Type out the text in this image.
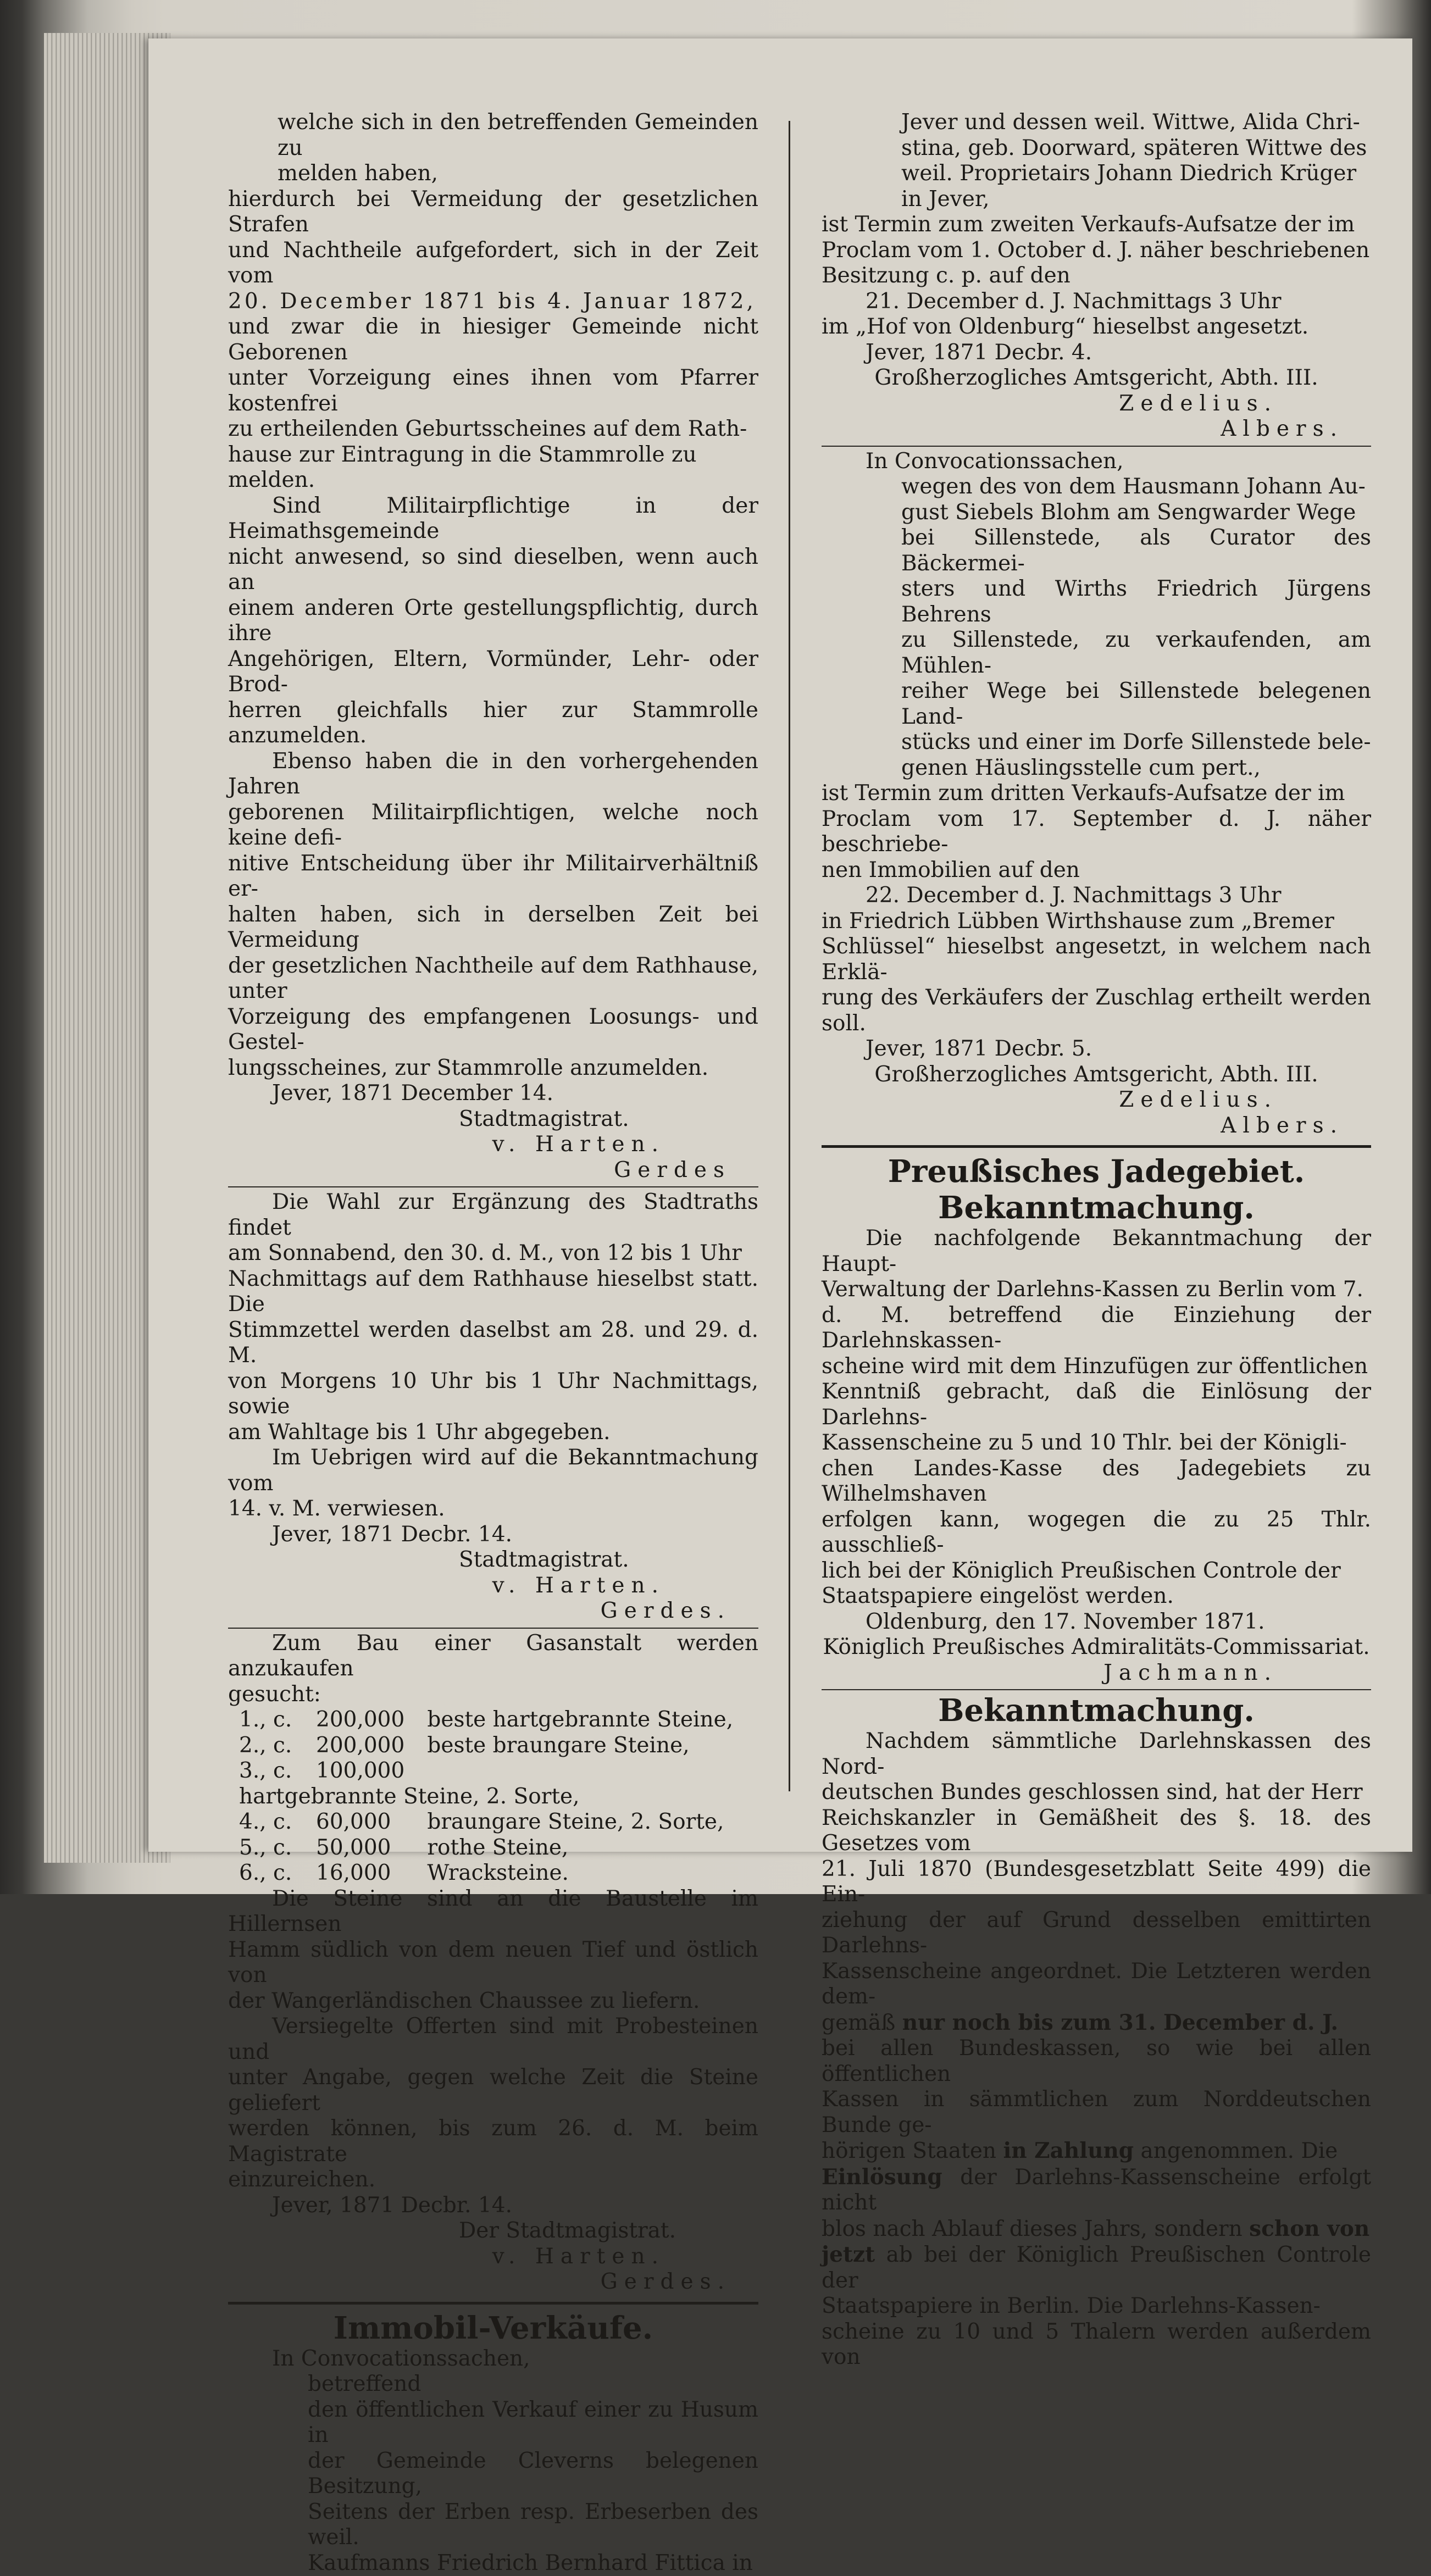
welche sich in den betreffenden Gemeinden zu
melden haben,
hierdurch bei Vermeidung der gesetzlichen Strafen
und Nachtheile aufgefordert, sich in der Zeit vom
20. December 1871 bis 4. Januar 1872,
und zwar die in hiesiger Gemeinde nicht Geborenen
unter Vorzeigung eines ihnen vom Pfarrer kostenfrei
zu ertheilenden Geburtsscheines auf dem Rath-
hause zur Eintragung in die Stammrolle zu
melden.

Sind Militairpflichtige in der Heimathsgemeinde
nicht anwesend, so sind dieselben, wenn auch an
einem anderen Orte gestellungspflichtig, durch ihre
Angehörigen, Eltern, Vormünder, Lehr- oder Brod-
herren gleichfalls hier zur Stammrolle anzumelden.

Ebenso haben die in den vorhergehenden Jahren
geborenen Militairpflichtigen, welche noch keine defi-
nitive Entscheidung über ihr Militairverhältniß er-
halten haben, sich in derselben Zeit bei Vermeidung
der gesetzlichen Nachtheile auf dem Rathhause, unter
Vorzeigung des empfangenen Loosungs- und Gestel-
lungsscheines, zur Stammrolle anzumelden.

Jever, 1871 December 14.

Stadtmagistrat.

v. Harten.

Gerdes

Die Wahl zur Ergänzung des Stadtraths findet
am Sonnabend, den 30. d. M., von 12 bis 1 Uhr
Nachmittags auf dem Rathhause hieselbst statt. Die
Stimmzettel werden daselbst am 28. und 29. d. M.
von Morgens 10 Uhr bis 1 Uhr Nachmittags, sowie
am Wahltage bis 1 Uhr abgegeben.
Im Uebrigen wird auf die Bekanntmachung vom
14. v. M. verwiesen.

Jever, 1871 Decbr. 14.

Stadtmagistrat.

v. Harten.

Gerdes.

Zum Bau einer Gasanstalt werden anzukaufen
gesucht:

1., c. 200,000 beste hartgebrannte Steine,
2., c. 200,000 beste braungare Steine,
3., c. 100,000 hartgebrannte Steine, 2. Sorte,
4., c. 60,000 braungare Steine, 2. Sorte,
5., c. 50,000 rothe Steine,
6., c. 16,000 Wracksteine.

Die Steine sind an die Baustelle im Hillernsen
Hamm südlich von dem neuen Tief und östlich von
der Wangerländischen Chaussee zu liefern.
Versiegelte Offerten sind mit Probesteinen und
unter Angabe, gegen welche Zeit die Steine geliefert
werden können, bis zum 26. d. M. beim Magistrate
einzureichen.

Jever, 1871 Decbr. 14.

Der Stadtmagistrat.

v. Harten.

Gerdes.

Immobil-Verkäufe.

In Convocationssachen,
betreffend
den öffentlichen Verkauf einer zu Husum in
der Gemeinde Cleverns belegenen Besitzung,
Seitens der Erben resp. Erbeserben des weil.
Kaufmanns Friedrich Bernhard Fittica in

Jever und dessen weil. Wittwe, Alida Chri-
stina, geb. Doorward, späteren Wittwe des
weil. Proprietairs Johann Diedrich Krüger
in Jever,

ist Termin zum zweiten Verkaufs-Aufsatze der im
Proclam vom 1. October d. J. näher beschriebenen
Besitzung c. p. auf den
21. December d. J. Nachmittags 3 Uhr
im „Hof von Oldenburg“ hieselbst angesetzt.

Jever, 1871 Decbr. 4.

Großherzogliches Amtsgericht, Abth. III.

Zedelius.

Albers.

In Convocationssachen,

wegen des von dem Hausmann Johann Au-
gust Siebels Blohm am Sengwarder Wege
bei Sillenstede, als Curator des Bäckermei-
sters und Wirths Friedrich Jürgens Behrens
zu Sillenstede, zu verkaufenden, am Mühlen-
reiher Wege bei Sillenstede belegenen Land-
stücks und einer im Dorfe Sillenstede bele-
genen Häuslingsstelle cum pert.,

ist Termin zum dritten Verkaufs-Aufsatze der im
Proclam vom 17. September d. J. näher beschriebe-
nen Immobilien auf den
22. December d. J. Nachmittags 3 Uhr
in Friedrich Lübben Wirthshause zum „Bremer
Schlüssel“ hieselbst angesetzt, in welchem nach Erklä-
rung des Verkäufers der Zuschlag ertheilt werden soll.

Jever, 1871 Decbr. 5.

Großherzogliches Amtsgericht, Abth. III.

Zedelius.

Albers.

Preußisches Jadegebiet.

Bekanntmachung.

Die nachfolgende Bekanntmachung der Haupt-
Verwaltung der Darlehns-Kassen zu Berlin vom 7.
d. M. betreffend die Einziehung der Darlehnskassen-
scheine wird mit dem Hinzufügen zur öffentlichen
Kenntniß gebracht, daß die Einlösung der Darlehns-
Kassenscheine zu 5 und 10 Thlr. bei der Königli-
chen Landes-Kasse des Jadegebiets zu Wilhelmshaven
erfolgen kann, wogegen die zu 25 Thlr. ausschließ-
lich bei der Königlich Preußischen Controle der
Staatspapiere eingelöst werden.

Oldenburg, den 17. November 1871.

Königlich Preußisches Admiralitäts-Commissariat.

Jachmann.

Bekanntmachung.

Nachdem sämmtliche Darlehnskassen des Nord-
deutschen Bundes geschlossen sind, hat der Herr
Reichskanzler in Gemäßheit des §. 18. des Gesetzes vom
21. Juli 1870 (Bundesgesetzblatt Seite 499) die Ein-
ziehung der auf Grund desselben emittirten Darlehns-
Kassenscheine angeordnet. Die Letzteren werden dem-
gemäß nur noch bis zum 31. December d. J.
bei allen Bundeskassen, so wie bei allen öffentlichen
Kassen in sämmtlichen zum Norddeutschen Bunde ge-
hörigen Staaten in Zahlung angenommen. Die
Einlösung der Darlehns-Kassenscheine erfolgt nicht
blos nach Ablauf dieses Jahrs, sondern schon von
jetzt ab bei der Königlich Preußischen Controle der
Staatspapiere in Berlin. Die Darlehns-Kassen-
scheine zu 10 und 5 Thalern werden außerdem von
